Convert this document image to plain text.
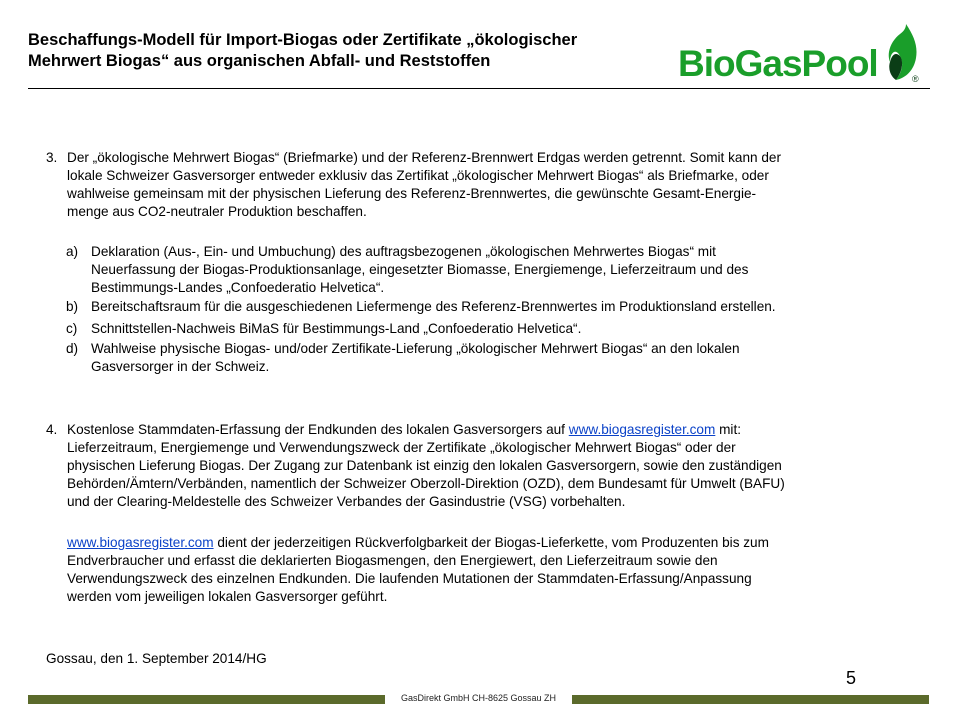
Beschaffungs-Modell für Import-Biogas oder Zertifikate „ökologischer
Mehrwert Biogas“ aus organischen Abfall- und Reststoffen	BioGasPool	®
3. Der „ökologische Mehrwert Biogas“ (Briefmarke) und der Referenz-Brennwert Erdgas werden getrennt. Somit kann der
lokale Schweizer Gasversorger entweder exklusiv das Zertifikat „ökologischer Mehrwert Biogas“ als Briefmarke, oder
wahlweise gemeinsam mit der physischen Lieferung des Referenz-Brennwertes, die gewünschte Gesamt-Energie-
menge aus CO2-neutraler Produktion beschaffen.
a) Deklaration (Aus-, Ein- und Umbuchung) des auftragsbezogenen „ökologischen Mehrwertes Biogas“ mit
Neuerfassung der Biogas-Produktionsanlage, eingesetzter Biomasse, Energiemenge, Lieferzeitraum und des
Bestimmungs-Landes „Confoederatio Helvetica“.
b) Bereitschaftsraum für die ausgeschiedenen Liefermenge des Referenz-Brennwertes im Produktionsland erstellen.
c) Schnittstellen-Nachweis BiMaS für Bestimmungs-Land „Confoederatio Helvetica“.
d) Wahlweise physische Biogas- und/oder Zertifikate-Lieferung „ökologischer Mehrwert Biogas“ an den lokalen
Gasversorger in der Schweiz.
4. Kostenlose Stammdaten-Erfassung der Endkunden des lokalen Gasversorgers auf www.biogasregister.com mit:
Lieferzeitraum, Energiemenge und Verwendungszweck der Zertifikate „ökologischer Mehrwert Biogas“ oder der
physischen Lieferung Biogas. Der Zugang zur Datenbank ist einzig den lokalen Gasversorgern, sowie den zuständigen
Behörden/Ämtern/Verbänden, namentlich der Schweizer Oberzoll-Direktion (OZD), dem Bundesamt für Umwelt (BAFU)
und der Clearing-Meldestelle des Schweizer Verbandes der Gasindustrie (VSG) vorbehalten.
www.biogasregister.com dient der jederzeitigen Rückverfolgbarkeit der Biogas-Lieferkette, vom Produzenten bis zum
Endverbraucher und erfasst die deklarierten Biogasmengen, den Energiewert, den Lieferzeitraum sowie den
Verwendungszweck des einzelnen Endkunden. Die laufenden Mutationen der Stammdaten-Erfassung/Anpassung
werden vom jeweiligen lokalen Gasversorger geführt.
Gossau, den 1. September 2014/HG
5
GasDirekt GmbH CH-8625 Gossau ZH
